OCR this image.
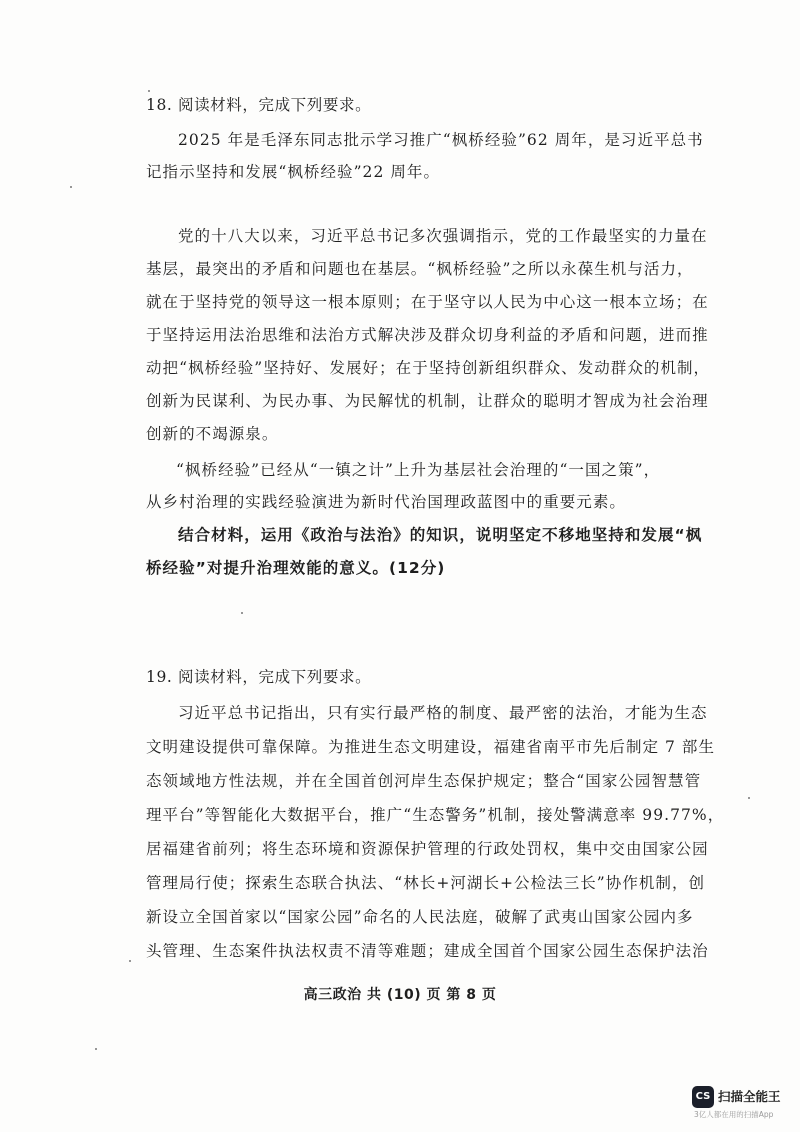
18. 阅读材料，完成下列要求。
2025 年是毛泽东同志批示学习推广“枫桥经验”62 周年，是习近平总书
记指示坚持和发展“枫桥经验”22 周年。
党的十八大以来，习近平总书记多次强调指示，党的工作最坚实的力量在
基层，最突出的矛盾和问题也在基层。“枫桥经验”之所以永葆生机与活力，
就在于坚持党的领导这一根本原则；在于坚守以人民为中心这一根本立场；在
于坚持运用法治思维和法治方式解决涉及群众切身利益的矛盾和问题，进而推
动把“枫桥经验”坚持好、发展好；在于坚持创新组织群众、发动群众的机制，
创新为民谋利、为民办事、为民解忧的机制，让群众的聪明才智成为社会治理
创新的不竭源泉。
“枫桥经验”已经从“一镇之计”上升为基层社会治理的“一国之策”，
从乡村治理的实践经验演进为新时代治国理政蓝图中的重要元素。
结合材料，运用《政治与法治》的知识，说明坚定不移地坚持和发展“枫
桥经验”对提升治理效能的意义。(12分)
19. 阅读材料，完成下列要求。
习近平总书记指出，只有实行最严格的制度、最严密的法治，才能为生态
文明建设提供可靠保障。为推进生态文明建设，福建省南平市先后制定 7 部生
态领域地方性法规，并在全国首创河岸生态保护规定；整合“国家公园智慧管
理平台”等智能化大数据平台，推广“生态警务”机制，接处警满意率 99.77%，
居福建省前列；将生态环境和资源保护管理的行政处罚权，集中交由国家公园
管理局行使；探索生态联合执法、“林长+河湖长+公检法三长”协作机制，创
新设立全国首家以“国家公园”命名的人民法庭，破解了武夷山国家公园内多
头管理、生态案件执法权责不清等难题；建成全国首个国家公园生态保护法治
高三政治 共 (10) 页 第 8 页
CS 扫描全能王
3亿人都在用的扫描App
